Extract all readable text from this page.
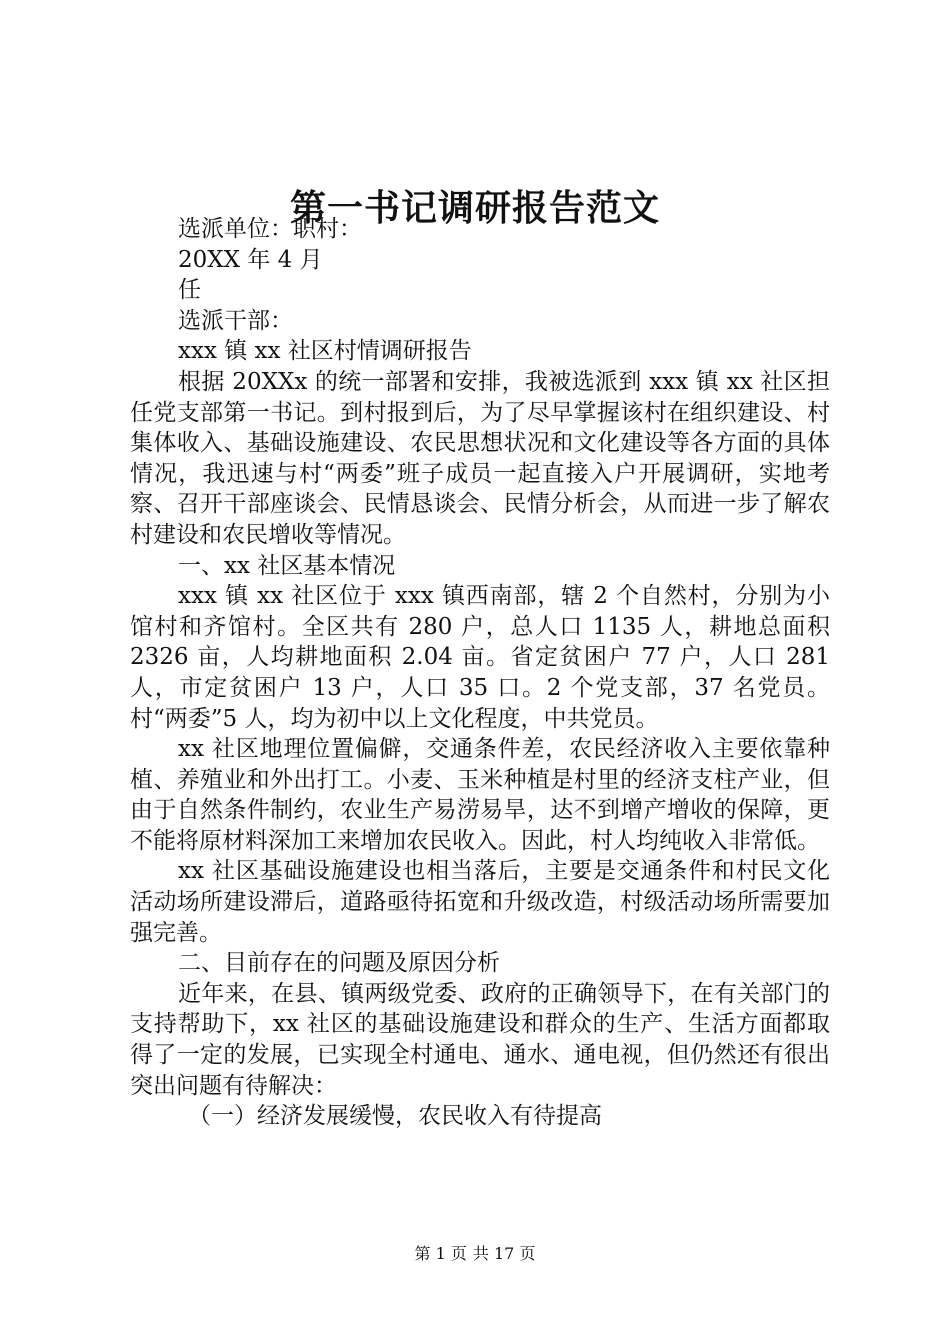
第一书记调研报告范文

选派单位：职村：

20XX 年 4 月

任

选派干部：

xxx 镇 xx 社区村情调研报告

根据 20XXx 的统一部署和安排，我被选派到 xxx 镇 xx 社区担任党支部第一书记。到村报到后，为了尽早掌握该村在组织建设、村集体收入、基础设施建设、农民思想状况和文化建设等各方面的具体情况，我迅速与村“两委”班子成员一起直接入户开展调研，实地考察、召开干部座谈会、民情恳谈会、民情分析会，从而进一步了解农村建设和农民增收等情况。

一、xx 社区基本情况

xxx 镇 xx 社区位于 xxx 镇西南部，辖 2 个自然村，分别为小馆村和齐馆村。全区共有 280 户，总人口 1135 人，耕地总面积 2326 亩，人均耕地面积 2.04 亩。省定贫困户 77 户，人口 281 人，市定贫困户 13 户，人口 35 口。2 个党支部，37 名党员。村“两委”5 人，均为初中以上文化程度，中共党员。

xx 社区地理位置偏僻，交通条件差，农民经济收入主要依靠种植、养殖业和外出打工。小麦、玉米种植是村里的经济支柱产业，但由于自然条件制约，农业生产易涝易旱，达不到增产增收的保障，更不能将原材料深加工来增加农民收入。因此，村人均纯收入非常低。

xx 社区基础设施建设也相当落后，主要是交通条件和村民文化活动场所建设滞后，道路亟待拓宽和升级改造，村级活动场所需要加强完善。

二、目前存在的问题及原因分析

近年来，在县、镇两级党委、政府的正确领导下，在有关部门的支持帮助下，xx 社区的基础设施建设和群众的生产、生活方面都取得了一定的发展，已实现全村通电、通水、通电视，但仍然还有很出突出问题有待解决：

（一）经济发展缓慢，农民收入有待提高

第 1 页 共 17 页
